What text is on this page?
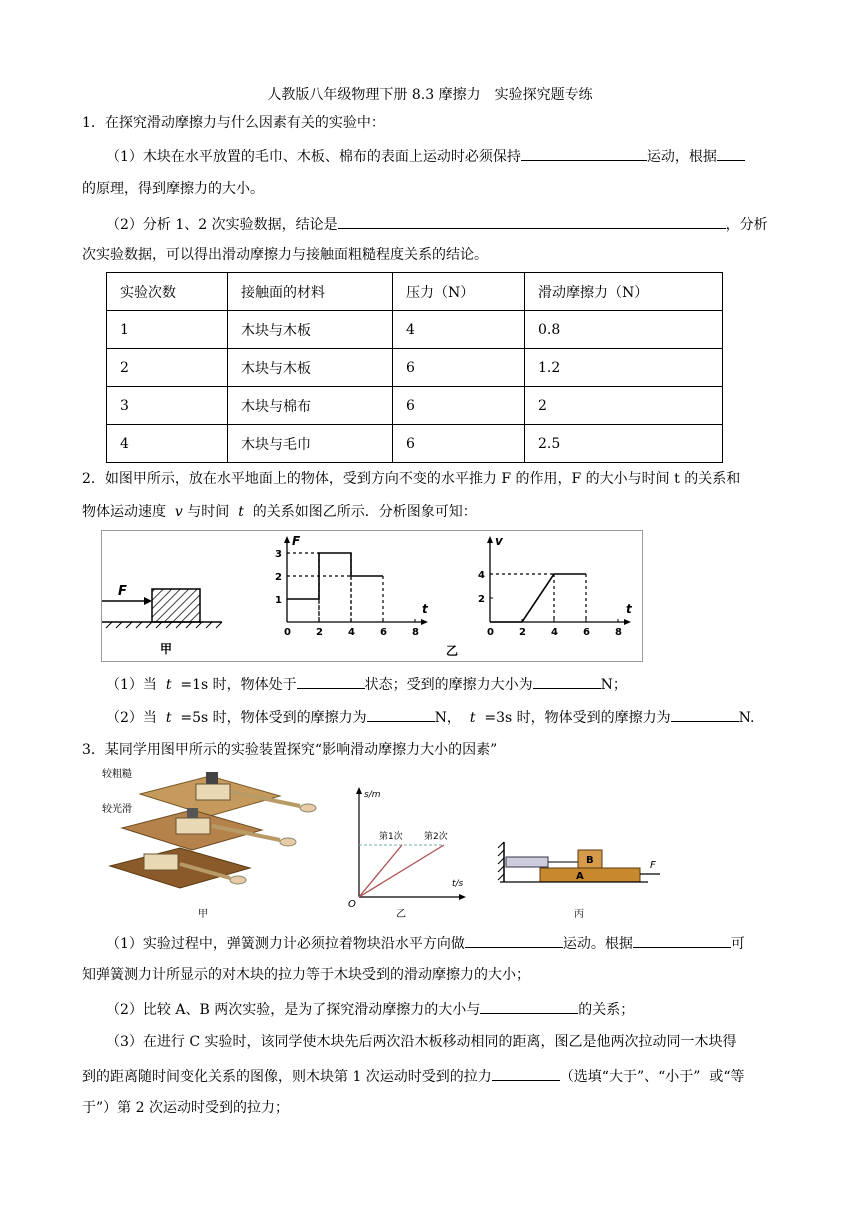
人教版八年级物理下册 8.3 摩擦力　实验探究题专练
1．在探究滑动摩擦力与什么因素有关的实验中：
（1）木块在水平放置的毛巾、木板、棉布的表面上运动时必须保持	运动，根据
的原理，得到摩擦力的大小。
（2）分析 1、2 次实验数据，结论是	，分析
次实验数据，可以得出滑动摩擦力与接触面粗糙程度关系的结论。
实验次数	接触面的材料	压力（N）	滑动摩擦力（N）
1	木块与木板	4	0.8
2	木块与木板	6	1.2
3	木块与棉布	6	2
4	木块与毛巾	6	2.5
2．如图甲所示，放在水平地面上的物体，受到方向不变的水平推力 F 的作用，F 的大小与时间 t 的关系和
物体运动速度 v 与时间 t 的关系如图乙所示．分析图象可知：
F
甲	乙
F
t
0	2	4	6	8
1
2
3
v
t
0	2	4	6	8
2
4
（1）当 t =1s 时，物体处于	状态；受到的摩擦力大小为	N；
（2）当 t =5s 时，物体受到的摩擦力为	N， t =3s 时，物体受到的摩擦力为	N.
3．某同学用图甲所示的实验装置探究“影响滑动摩擦力大小的因素”
较粗糙
较光滑
甲
s/m
t/s
O
第1次 第2次
乙
B
A
F
丙
（1）实验过程中，弹簧测力计必须拉着物块沿水平方向做	运动。根据	可
知弹簧测力计所显示的对木块的拉力等于木块受到的滑动摩擦力的大小；
（2）比较 A、B 两次实验，是为了探究滑动摩擦力的大小与	的关系；
（3）在进行 C 实验时，该同学使木块先后两次沿木板移动相同的距离，图乙是他两次拉动同一木块得
到的距离随时间变化关系的图像，则木块第 1 次运动时受到的拉力	（选填“大于”、“小于” 或“等
于”）第 2 次运动时受到的拉力；
